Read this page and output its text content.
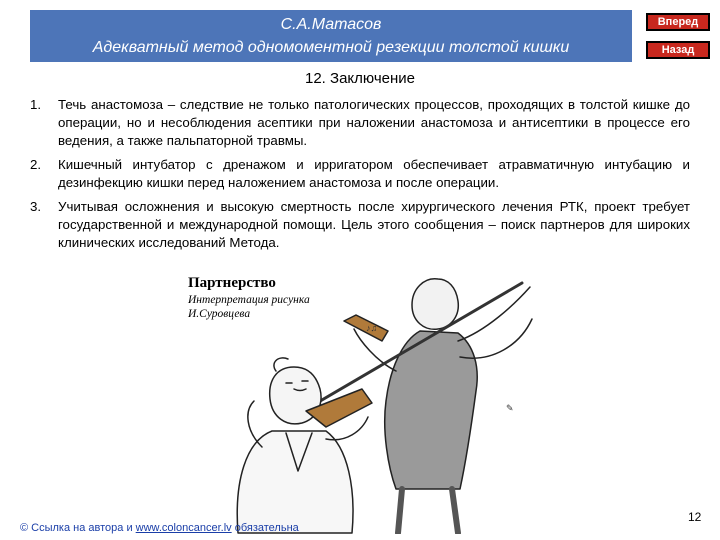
С.А.Матасов
Адекватный метод одномоментной резекции толстой кишки
Вперед
Назад
12. Заключение
1.	Течь анастомоза – следствие не только патологических процессов, проходящих в толстой кишке до операции, но и несоблюдения асептики при наложении анастомоза и антисептики в процессе его ведения, а также пальпаторной травмы.
2.	Кишечный интубатор с дренажом и ирригатором обеспечивает атравматичную интубацию и дезинфекцию кишки перед наложением анастомоза и после операции.
3.	Учитывая осложнения и высокую смертность после хирургического лечения РТК, проект требует государственной и международной помощи. Цель этого сообщения – поиск партнеров для широких клинических исследований Метода.
♪♫
✎
Партнерство
Интерпретация рисунка
И.Суровцева
© Ссылка на автора и www.coloncancer.lv обязательна
12
